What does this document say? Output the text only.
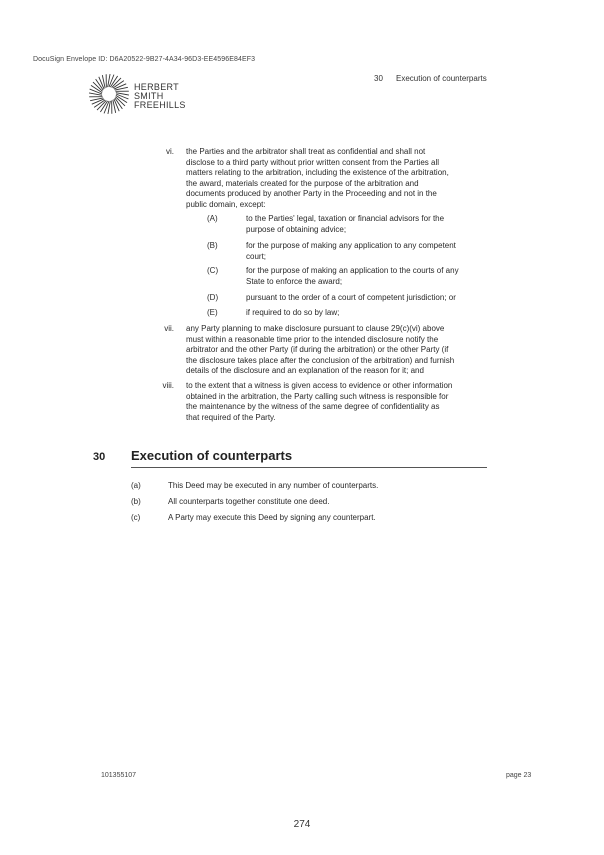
DocuSign Envelope ID: D6A20522-9B27-4A34-96D3-EE4596E84EF3
HERBERT
SMITH
FREEHILLS
30 Execution of counterparts
vi. the Parties and the arbitrator shall treat as confidential and shall not
disclose to a third party without prior written consent from the Parties all
matters relating to the arbitration, including the existence of the arbitration,
the award, materials created for the purpose of the arbitration and
documents produced by another Party in the Proceeding and not in the
public domain, except:
(A)	to the Parties' legal, taxation or financial advisors for the
purpose of obtaining advice;
(B)	for the purpose of making any application to any competent
court;
(C)	for the purpose of making an application to the courts of any
State to enforce the award;
(D)	pursuant to the order of a court of competent jurisdiction; or
(E)	if required to do so by law;
vii. any Party planning to make disclosure pursuant to clause 29(c)(vi) above
must within a reasonable time prior to the intended disclosure notify the
arbitrator and the other Party (if during the arbitration) or the other Party (if
the disclosure takes place after the conclusion of the arbitration) and furnish
details of the disclosure and an explanation of the reason for it; and
viii. to the extent that a witness is given access to evidence or other information
obtained in the arbitration, the Party calling such witness is responsible for
the maintenance by the witness of the same degree of confidentiality as
that required of the Party.
30 Execution of counterparts
(a)	This Deed may be executed in any number of counterparts.
(b)	All counterparts together constitute one deed.
(c)	A Party may execute this Deed by signing any counterpart.
101355107	page 23
274
